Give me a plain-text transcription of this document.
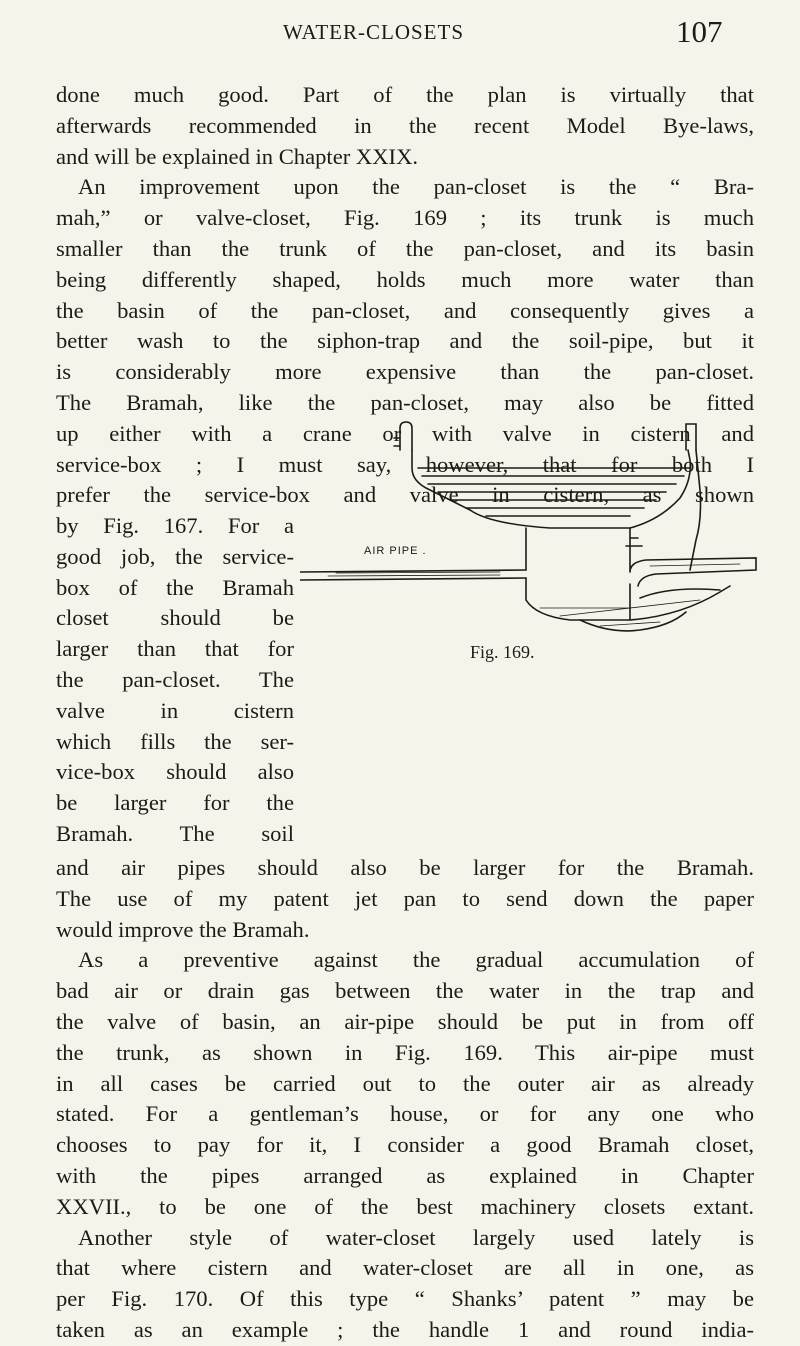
WATER-CLOSETS	107
done much good. Part of the plan is virtually that
afterwards recommended in the recent Model Bye-laws,
and will be explained in Chapter XXIX.
An improvement upon the pan-closet is the “ Bra-
mah,” or valve-closet, Fig. 169 ; its trunk is much
smaller than the trunk of the pan-closet, and its basin
being differently shaped, holds much more water than
the basin of the pan-closet, and consequently gives a
better wash to the siphon-trap and the soil-pipe, but it
is considerably more expensive than the pan-closet.
The Bramah, like the pan-closet, may also be fitted
up either with a crane or with valve in cistern and
service-box ; I must say, however, that for both I
prefer the service-box and valve in cistern, as shown
by Fig. 167. For a
good job, the service-
box of the Bramah
closet should be
larger than that for
the pan-closet. The
valve in cistern
which fills the ser-
vice-box should also
be larger for the
Bramah. The soil
AIR PIPE .
Fig. 169.
and air pipes should also be larger for the Bramah.
The use of my patent jet pan to send down the paper
would improve the Bramah.
As a preventive against the gradual accumulation of
bad air or drain gas between the water in the trap and
the valve of basin, an air-pipe should be put in from off
the trunk, as shown in Fig. 169. This air-pipe must
in all cases be carried out to the outer air as already
stated. For a gentleman’s house, or for any one who
chooses to pay for it, I consider a good Bramah closet,
with the pipes arranged as explained in Chapter
XXVII., to be one of the best machinery closets extant.
Another style of water-closet largely used lately is
that where cistern and water-closet are all in one, as
per Fig. 170. Of this type “ Shanks’ patent ” may be
taken as an example ; the handle 1 and round india-
